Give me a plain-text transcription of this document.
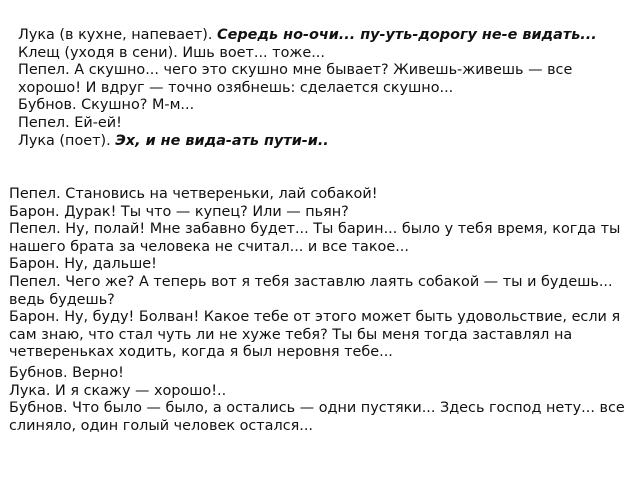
Лука (в кухне, напевает). Середь но-очи... пу-уть-дорогу не-е видать...

Клещ (уходя в сени). Ишь воет... тоже...

Пепел. А скушно... чего это скушно мне бывает? Живешь-живешь — все хорошо! И вдруг — точно озябнешь: сделается скушно...

Бубнов. Скушно? М-м...

Пепел. Ей-ей!

Лука (поет). Эх, и не вида-ать пути-и..

Пепел. Становись на четвереньки, лай собакой!

Барон. Дурак! Ты что — купец? Или — пьян?

Пепел. Ну, полай! Мне забавно будет... Ты барин... было у тебя время, когда ты нашего брата за человека не считал... и все такое...

Барон. Ну, дальше!

Пепел. Чего же? А теперь вот я тебя заставлю лаять собакой — ты и будешь... ведь будешь?

Барон. Ну, буду! Болван! Какое тебе от этого может быть удовольствие, если я сам знаю, что стал чуть ли не хуже тебя? Ты бы меня тогда заставлял на четвереньках ходить, когда я был неровня тебе...

Бубнов. Верно!

Лука. И я скажу — хорошо!..

Бубнов. Что было — было, а остались — одни пустяки... Здесь господ нету... все слиняло, один голый человек остался...
